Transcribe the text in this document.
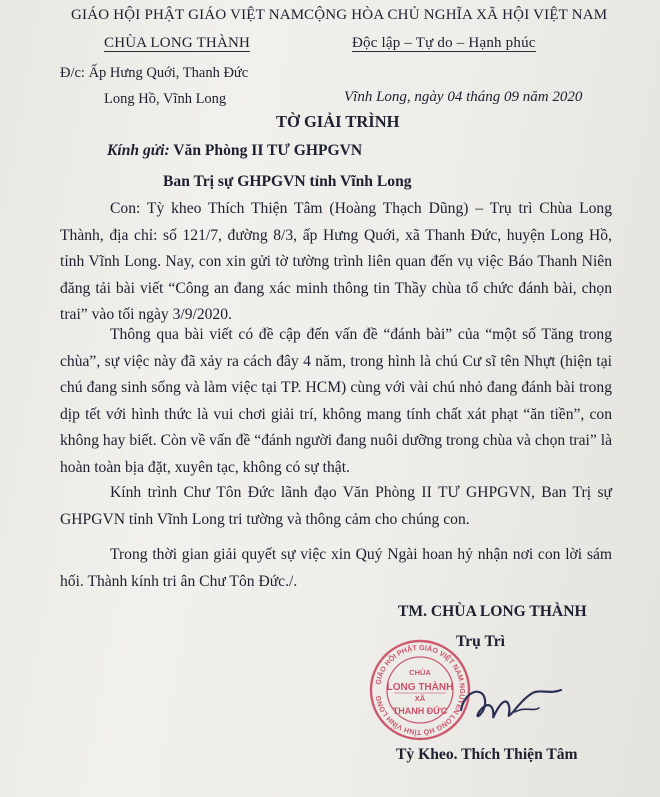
GIÁO HỘI PHẬT GIÁO VIỆT NAM
CHÙA LONG THÀNH
Đ/c: Ấp Hưng Quới, Thanh Đức
Long Hồ, Vĩnh Long
CỘNG HÒA CHỦ NGHĨA XÃ HỘI VIỆT NAM
Độc lập – Tự do – Hạnh phúc
Vĩnh Long, ngày 04 tháng 09 năm 2020
TỜ GIẢI TRÌNH
Kính gửi: Văn Phòng II TƯ GHPGVN
Ban Trị sự GHPGVN tỉnh Vĩnh Long
Con: Tỳ kheo Thích Thiện Tâm (Hoàng Thạch Dũng) – Trụ trì Chùa Long Thành, địa chỉ: số 121/7, đường 8/3, ấp Hưng Quới, xã Thanh Đức, huyện Long Hồ, tỉnh Vĩnh Long. Nay, con xin gửi tờ tường trình liên quan đến vụ việc Báo Thanh Niên đăng tải bài viết “Công an đang xác minh thông tin Thầy chùa tổ chức đánh bài, chọn trai” vào tối ngày 3/9/2020.
Thông qua bài viết có đề cập đến vấn đề “đánh bài” của “một số Tăng trong chùa”, sự việc này đã xảy ra cách đây 4 năm, trong hình là chú Cư sĩ tên Nhựt (hiện tại chú đang sinh sống và làm việc tại TP. HCM) cùng với vài chú nhỏ đang đánh bài trong dịp tết với hình thức là vui chơi giải trí, không mang tính chất xát phạt “ăn tiền”, con không hay biết. Còn về vấn đề “đánh người đang nuôi dưỡng trong chùa và chọn trai” là hoàn toàn bịa đặt, xuyên tạc, không có sự thật.
Kính trình Chư Tôn Đức lãnh đạo Văn Phòng II TƯ GHPGVN, Ban Trị sự GHPGVN tỉnh Vĩnh Long tri tường và thông cảm cho chúng con.
Trong thời gian giải quyết sự việc xin Quý Ngài hoan hỷ nhận nơi con lời sám hối. Thành kính tri ân Chư Tôn Đức./.
TM. CHÙA LONG THÀNH
Trụ Trì
GIÁO HỘI PHẬT GIÁO VIỆT NAM NGUYỄN LONG HỒ TỈNH VĨNH LONG
CHÙA
LONG THÀNH
XÃ
THANH ĐỨC
Tỳ Kheo. Thích Thiện Tâm
